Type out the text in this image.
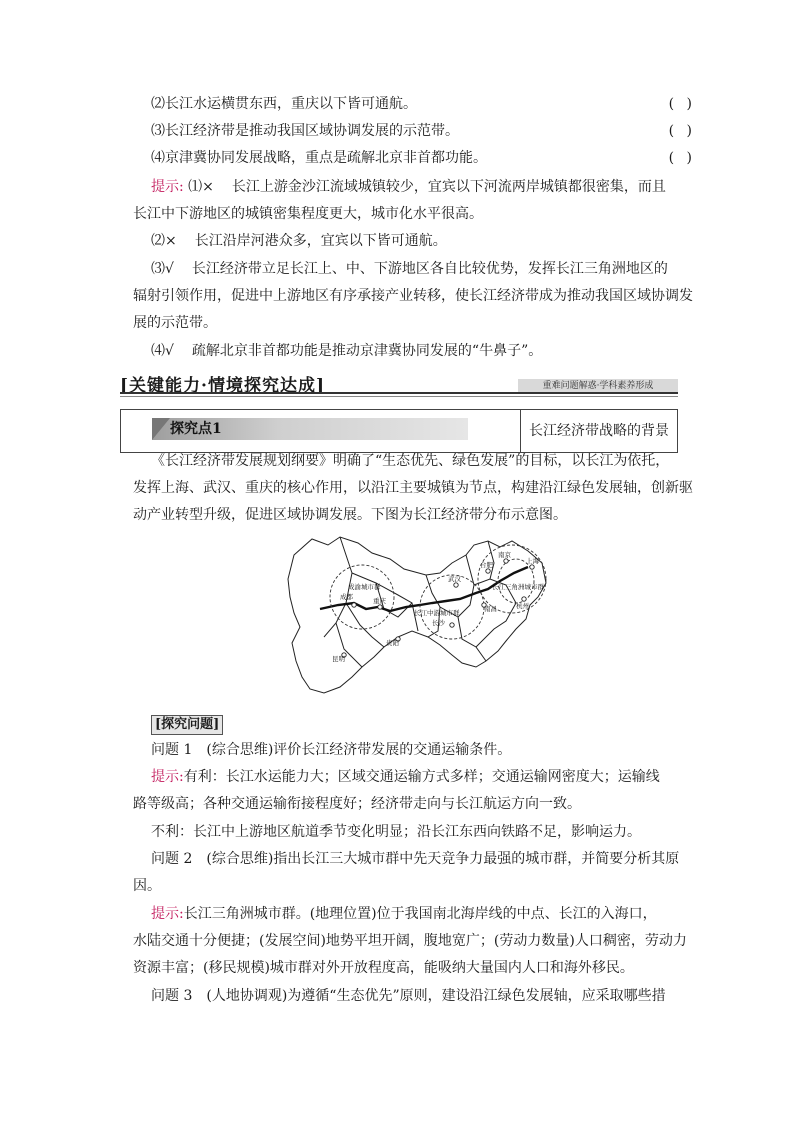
⑵长江水运横贯东西，重庆以下皆可通航。	( )
⑶长江经济带是推动我国区域协调发展的示范带。	( )
⑷京津冀协同发展战略，重点是疏解北京非首都功能。	( )
提示: ⑴× 长江上游金沙江流域城镇较少，宜宾以下河流两岸城镇都很密集，而且
长江中下游地区的城镇密集程度更大，城市化水平很高。
⑵× 长江沿岸河港众多，宜宾以下皆可通航。
⑶√ 长江经济带立足长江上、中、下游地区各自比较优势，发挥长江三角洲地区的
辐射引领作用，促进中上游地区有序承接产业转移，使长江经济带成为推动我国区域协调发
展的示范带。
⑷√ 疏解北京非首都功能是推动京津冀协同发展的“牛鼻子”。
[关键能力·情境探究达成]	重难问题解惑·学科素养形成
探究点1	长江经济带战略的背景
《长江经济带发展规划纲要》明确了“生态优先、绿色发展”的目标，以长江为依托，
发挥上海、武汉、重庆的核心作用，以沿江主要城镇为节点，构建沿江绿色发展轴，创新驱
动产业转型升级，促进区域协调发展。下图为长江经济带分布示意图。
成渝城市群
成都	重庆
贵阳
昆明
武汉
合肥
南京
上海
杭州
南昌
长沙
长江中游城市群
长江三角洲城市群
[探究问题]
问题 1　(综合思维)评价长江经济带发展的交通运输条件。
提示:有利：长江水运能力大；区域交通运输方式多样；交通运输网密度大；运输线
路等级高；各种交通运输衔接程度好；经济带走向与长江航运方向一致。
不利：长江中上游地区航道季节变化明显；沿长江东西向铁路不足，影响运力。
问题 2　(综合思维)指出长江三大城市群中先天竞争力最强的城市群，并简要分析其原
因。
提示:长江三角洲城市群。(地理位置)位于我国南北海岸线的中点、长江的入海口，
水陆交通十分便捷；(发展空间)地势平坦开阔，腹地宽广；(劳动力数量)人口稠密，劳动力
资源丰富；(移民规模)城市群对外开放程度高，能吸纳大量国内人口和海外移民。
问题 3　(人地协调观)为遵循“生态优先”原则，建设沿江绿色发展轴，应采取哪些措
